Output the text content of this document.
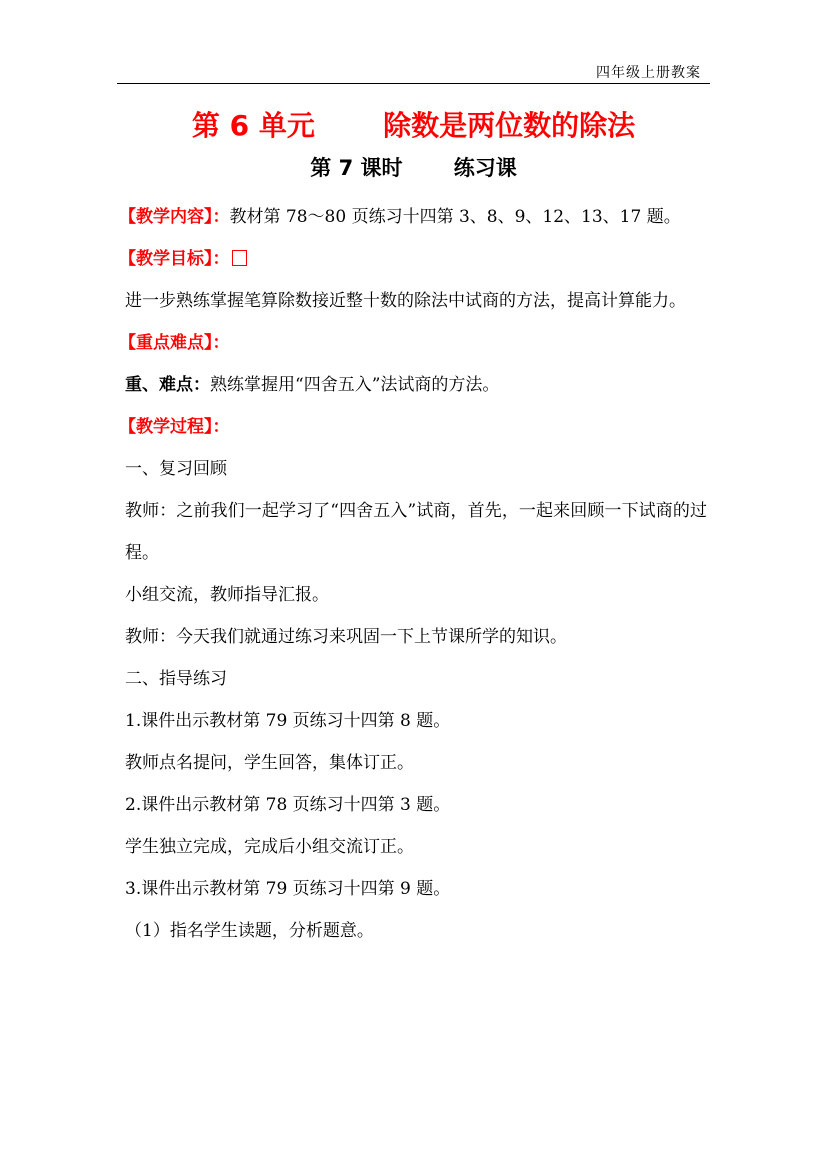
四年级上册教案
第 6 单元 除数是两位数的除法
第 7 课时 练习课

【教学内容】：教材第 78～80 页练习十四第 3、8、9、12、13、17 题。

【教学目标】：

进一步熟练掌握笔算除数接近整十数的除法中试商的方法，提高计算能力。

【重点难点】：

重、难点：熟练掌握用“四舍五入”法试商的方法。

【教学过程】：

一、复习回顾

教师：之前我们一起学习了“四舍五入”试商，首先，一起来回顾一下试商的过程。

小组交流，教师指导汇报。

教师：今天我们就通过练习来巩固一下上节课所学的知识。

二、指导练习

1.课件出示教材第 79 页练习十四第 8 题。

教师点名提问，学生回答，集体订正。

2.课件出示教材第 78 页练习十四第 3 题。

学生独立完成，完成后小组交流订正。

3.课件出示教材第 79 页练习十四第 9 题。

（1）指名学生读题，分析题意。
